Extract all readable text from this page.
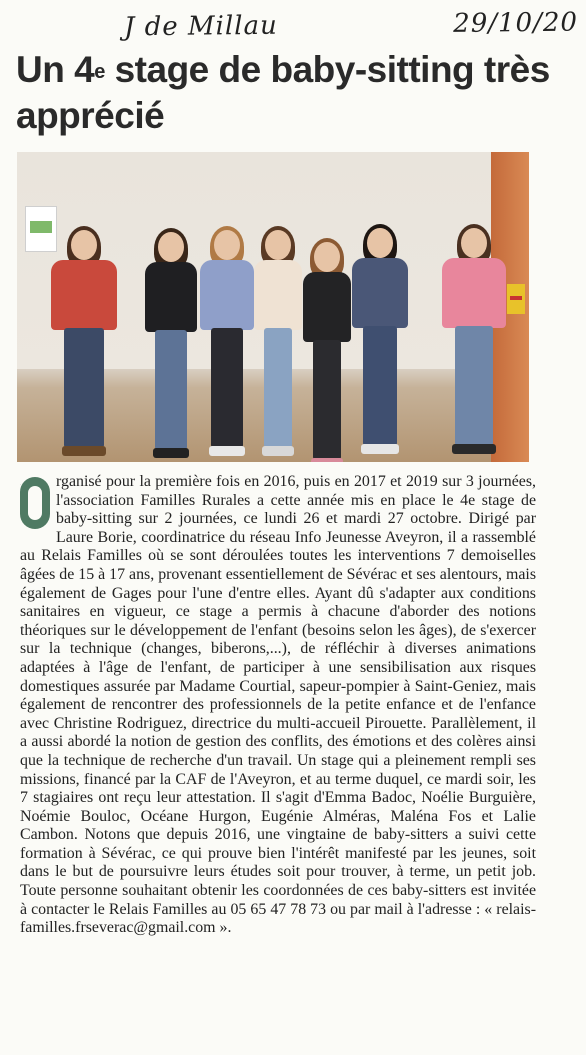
J de Millau	29/10/20
Un 4e stage de baby-sitting très apprécié

O	rganisé pour la première fois en 2016, puis en 2017 et 2019 sur 3 journées, l'association Familles Rurales a cette année mis en place le 4e stage de baby-sitting sur 2 journées, ce lundi 26 et mardi 27 octobre. Dirigé par Laure Borie, coordinatrice du réseau Info Jeunesse Aveyron, il a rassemblé au Relais Familles où se sont déroulées toutes les interventions 7 demoiselles âgées de 15 à 17 ans, provenant essentiellement de Sévérac et ses alentours, mais également de Gages pour l'une d'entre elles. Ayant dû s'adapter aux conditions sanitaires en vigueur, ce stage a permis à chacune d'aborder des notions théoriques sur le développement de l'enfant (besoins selon les âges), de s'exercer sur la technique (changes, biberons,...), de réfléchir à diverses animations adaptées à l'âge de l'enfant, de participer à une sensibilisation aux risques domestiques assurée par Madame Courtial, sapeur-pompier à Saint-Geniez, mais également de rencontrer des professionnels de la petite enfance et de l'enfance avec Christine Rodriguez, directrice du multi-accueil Pirouette. Parallèlement, il a aussi abordé la notion de gestion des conflits, des émotions et des colères ainsi que la technique de recherche d'un travail. Un stage qui a pleinement rempli ses missions, financé par la CAF de l'Aveyron, et au terme duquel, ce mardi soir, les 7 stagiaires ont reçu leur attestation. Il s'agit d'Emma Badoc, Noélie Burguière, Noémie Bouloc, Océane Hurgon, Eugénie Alméras, Maléna Fos et Lalie Cambon. Notons que depuis 2016, une vingtaine de baby-sitters a suivi cette formation à Sévérac, ce qui prouve bien l'intérêt manifesté par les jeunes, soit dans le but de poursuivre leurs études soit pour trouver, à terme, un petit job. Toute personne souhaitant obtenir les coordonnées de ces baby-sitters est invitée à contacter le Relais Familles au 05 65 47 78 73 ou par mail à l'adresse : « relais-familles.frseverac@gmail.com ».
